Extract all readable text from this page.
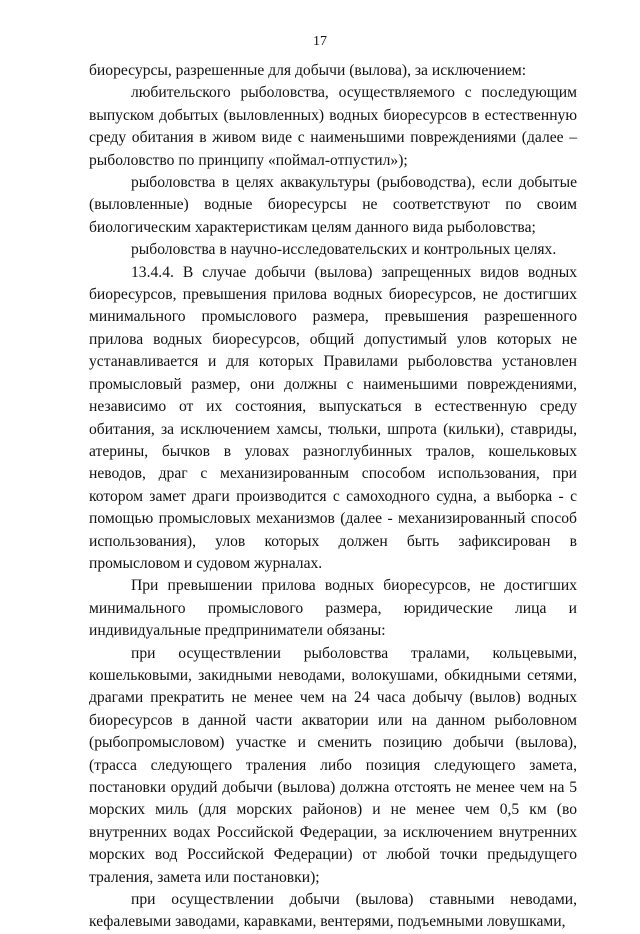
17

биоресурсы, разрешенные для добычи (вылова), за исключением:

любительского рыболовства, осуществляемого с последующим выпуском добытых (выловленных) водных биоресурсов в естественную среду обитания в живом виде с наименьшими повреждениями (далее – рыболовство по принципу «поймал-отпустил»);

рыболовства в целях аквакультуры (рыбоводства), если добытые (выловленные) водные биоресурсы не соответствуют по своим биологическим характеристикам целям данного вида рыболовства;

рыболовства в научно-исследовательских и контрольных целях.

13.4.4. В случае добычи (вылова) запрещенных видов водных биоресурсов, превышения прилова водных биоресурсов, не достигших минимального промыслового размера, превышения разрешенного прилова водных биоресурсов, общий допустимый улов которых не устанавливается и для которых Правилами рыболовства установлен промысловый размер, они должны с наименьшими повреждениями, независимо от их состояния, выпускаться в естественную среду обитания, за исключением хамсы, тюльки, шпрота (кильки), ставриды, атерины, бычков в уловах разноглубинных тралов, кошельковых неводов, драг с механизированным способом использования, при котором замет драги производится с самоходного судна, а выборка - с помощью промысловых механизмов (далее - механизированный способ использования), улов которых должен быть зафиксирован в промысловом и судовом журналах.

При превышении прилова водных биоресурсов, не достигших минимального промыслового размера, юридические лица и индивидуальные предприниматели обязаны:

при осуществлении рыболовства тралами, кольцевыми, кошельковыми, закидными неводами, волокушами, обкидными сетями, драгами прекратить не менее чем на 24 часа добычу (вылов) водных биоресурсов в данной части акватории или на данном рыболовном (рыбопромысловом) участке и сменить позицию добычи (вылова), (трасса следующего траления либо позиция следующего замета, постановки орудий добычи (вылова) должна отстоять не менее чем на 5 морских миль (для морских районов) и не менее чем 0,5 км (во внутренних водах Российской Федерации, за исключением внутренних морских вод Российской Федерации) от любой точки предыдущего траления, замета или постановки);

при осуществлении добычи (вылова) ставными неводами, кефалевыми заводами, каравками, вентерями, подъемными ловушками,
